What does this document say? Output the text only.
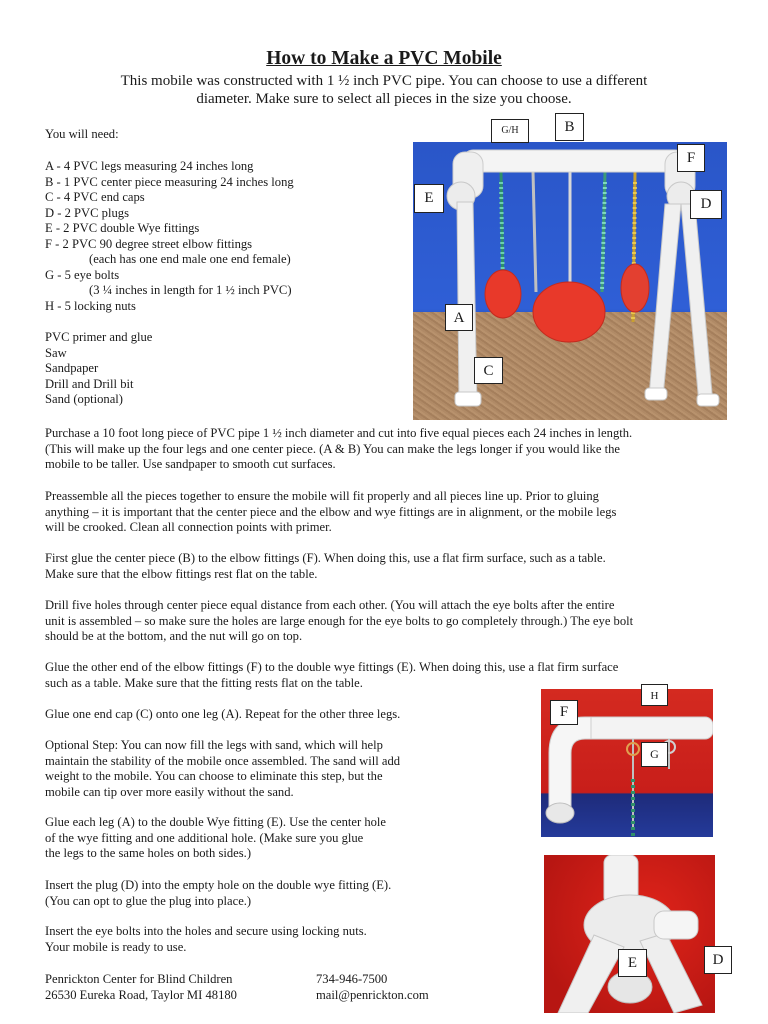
How to Make a PVC Mobile
This mobile was constructed with 1 ½ inch PVC pipe. You can choose to use a different
diameter. Make sure to select all pieces in the size you choose.
You will need:
A - 4 PVC legs measuring 24 inches long
B - 1 PVC center piece measuring 24 inches long
C - 4 PVC end caps
D - 2 PVC plugs
E - 2 PVC double Wye fittings
F - 2 PVC 90 degree street elbow fittings
(each has one end male one end female)
G - 5 eye bolts
(3 ¼ inches in length for 1 ½ inch PVC)
H - 5 locking nuts
PVC primer and glue
Saw
Sandpaper
Drill and Drill bit
Sand (optional)
G/H	B
F
E	D
A
C
Purchase a 10 foot long piece of PVC pipe 1 ½ inch diameter and cut into five equal pieces each 24 inches in length.
(This will make up the four legs and one center piece. (A & B) You can make the legs longer if you would like the
mobile to be taller. Use sandpaper to smooth cut surfaces.
Preassemble all the pieces together to ensure the mobile will fit properly and all pieces line up. Prior to gluing
anything – it is important that the center piece and the elbow and wye fittings are in alignment, or the mobile legs
will be crooked. Clean all connection points with primer.
First glue the center piece (B) to the elbow fittings (F). When doing this, use a flat firm surface, such as a table.
Make sure that the elbow fittings rest flat on the table.
Drill five holes through center piece equal distance from each other. (You will attach the eye bolts after the entire
unit is assembled – so make sure the holes are large enough for the eye bolts to go completely through.) The eye bolt
should be at the bottom, and the nut will go on top.
Glue the other end of the elbow fittings (F) to the double wye fittings (E). When doing this, use a flat firm surface
such as a table. Make sure that the fitting rests flat on the table.
Glue one end cap (C) onto one leg (A). Repeat for the other three legs.
Optional Step: You can now fill the legs with sand, which will help
maintain the stability of the mobile once assembled. The sand will add
weight to the mobile. You can choose to eliminate this step, but the
mobile can tip over more easily without the sand.
Glue each leg (A) to the double Wye fitting (E). Use the center hole
of the wye fitting and one additional hole. (Make sure you glue
the legs to the same holes on both sides.)
Insert the plug (D) into the empty hole on the double wye fitting (E).
(You can opt to glue the plug into place.)
Insert the eye bolts into the holes and secure using locking nuts.
Your mobile is ready to use.
H
F
G
E	D
Penrickton Center for Blind Children
26530 Eureka Road, Taylor MI 48180
734-946-7500
mail@penrickton.com
